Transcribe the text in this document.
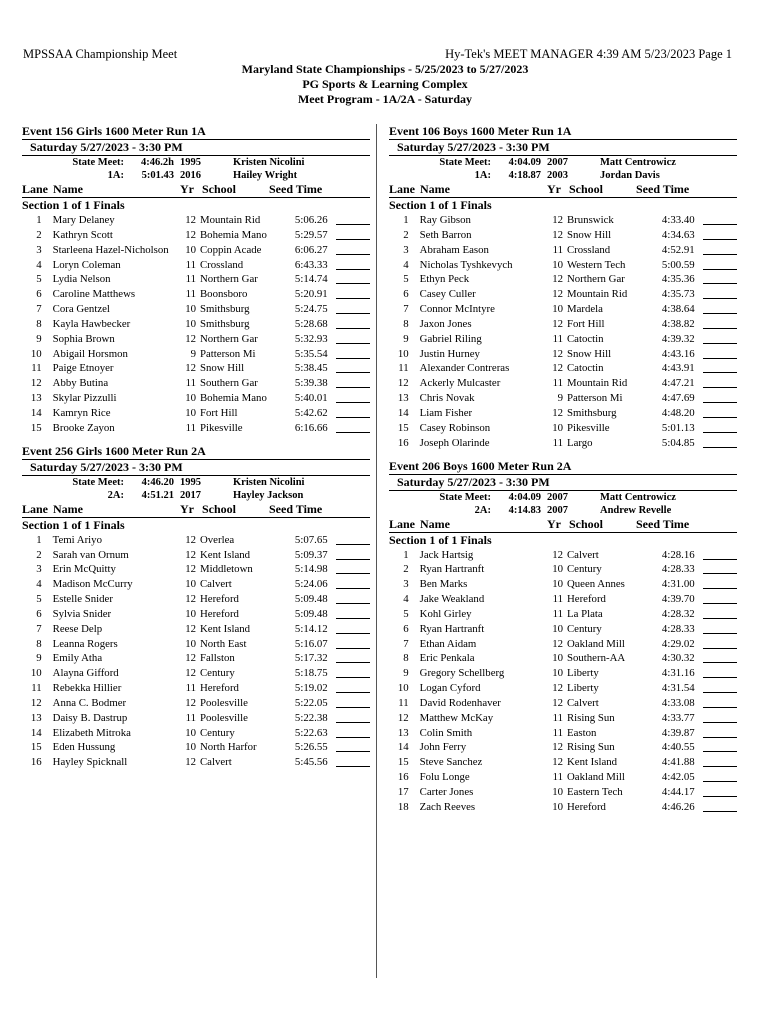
MPSSAA Championship Meet	Hy-Tek's MEET MANAGER 4:39 AM 5/23/2023 Page 1
Maryland State Championships - 5/25/2023 to 5/27/2023
PG Sports & Learning Complex
Meet Program - 1A/2A - Saturday
Event 156 Girls 1600 Meter Run 1A
Saturday 5/27/2023 - 3:30 PM
State Meet:	4:46.2h 1995	Kristen Nicolini
1A:	5:01.43 2016	Hailey Wright
Lane Name	Yr School	Seed Time
Section 1 of 1 Finals
1	Mary Delaney	12 Mountain Rid	5:06.26
2	Kathryn Scott	12 Bohemia Mano	5:29.57
3	Starleena Hazel-Nicholson	10 Coppin Acade	6:06.27
4	Loryn Coleman	11 Crossland	6:43.33
5	Lydia Nelson	11 Northern Gar	5:14.74
6	Caroline Matthews	11 Boonsboro	5:20.91
7	Cora Gentzel	10 Smithsburg	5:24.75
8	Kayla Hawbecker	10 Smithsburg	5:28.68
9	Sophia Brown	12 Northern Gar	5:32.93
10	Abigail Horsmon	9 Patterson Mi	5:35.54
11	Paige Etnoyer	12 Snow Hill	5:38.45
12	Abby Butina	11 Southern Gar	5:39.38
13	Skylar Pizzulli	10 Bohemia Mano	5:40.01
14	Kamryn Rice	10 Fort Hill	5:42.62
15	Brooke Zayon	11 Pikesville	6:16.66
Event 256 Girls 1600 Meter Run 2A
Saturday 5/27/2023 - 3:30 PM
State Meet:	4:46.20 1995	Kristen Nicolini
2A:	4:51.21 2017	Hayley Jackson
Lane Name	Yr School	Seed Time
Section 1 of 1 Finals
1	Temi Ariyo	12 Overlea	5:07.65
2	Sarah van Ornum	12 Kent Island	5:09.37
3	Erin McQuitty	12 Middletown	5:14.98
4	Madison McCurry	10 Calvert	5:24.06
5	Estelle Snider	12 Hereford	5:09.48
6	Sylvia Snider	10 Hereford	5:09.48
7	Reese Delp	12 Kent Island	5:14.12
8	Leanna Rogers	10 North East	5:16.07
9	Emily Atha	12 Fallston	5:17.32
10	Alayna Gifford	12 Century	5:18.75
11	Rebekka Hillier	11 Hereford	5:19.02
12	Anna C. Bodmer	12 Poolesville	5:22.05
13	Daisy B. Dastrup	11 Poolesville	5:22.38
14	Elizabeth Mitroka	10 Century	5:22.63
15	Eden Hussung	10 North Harfor	5:26.55
16	Hayley Spicknall	12 Calvert	5:45.56
Event 106 Boys 1600 Meter Run 1A
Saturday 5/27/2023 - 3:30 PM
State Meet:	4:04.09 2007	Matt Centrowicz
1A:	4:18.87 2003	Jordan Davis
Lane Name	Yr School	Seed Time
Section 1 of 1 Finals
1	Ray Gibson	12 Brunswick	4:33.40
2	Seth Barron	12 Snow Hill	4:34.63
3	Abraham Eason	11 Crossland	4:52.91
4	Nicholas Tyshkevych	10 Western Tech	5:00.59
5	Ethyn Peck	12 Northern Gar	4:35.36
6	Casey Culler	12 Mountain Rid	4:35.73
7	Connor McIntyre	10 Mardela	4:38.64
8	Jaxon Jones	12 Fort Hill	4:38.82
9	Gabriel Riling	11 Catoctin	4:39.32
10	Justin Hurney	12 Snow Hill	4:43.16
11	Alexander Contreras	12 Catoctin	4:43.91
12	Ackerly Mulcaster	11 Mountain Rid	4:47.21
13	Chris Novak	9 Patterson Mi	4:47.69
14	Liam Fisher	12 Smithsburg	4:48.20
15	Casey Robinson	10 Pikesville	5:01.13
16	Joseph Olarinde	11 Largo	5:04.85
Event 206 Boys 1600 Meter Run 2A
Saturday 5/27/2023 - 3:30 PM
State Meet:	4:04.09 2007	Matt Centrowicz
2A:	4:14.83 2007	Andrew Revelle
Lane Name	Yr School	Seed Time
Section 1 of 1 Finals
1	Jack Hartsig	12 Calvert	4:28.16
2	Ryan Hartranft	10 Century	4:28.33
3	Ben Marks	10 Queen Annes	4:31.00
4	Jake Weakland	11 Hereford	4:39.70
5	Kohl Girley	11 La Plata	4:28.32
6	Ryan Hartranft	10 Century	4:28.33
7	Ethan Aidam	12 Oakland Mill	4:29.02
8	Eric Penkala	10 Southern-AA	4:30.32
9	Gregory Schellberg	10 Liberty	4:31.16
10	Logan Cyford	12 Liberty	4:31.54
11	David Rodenhaver	12 Calvert	4:33.08
12	Matthew McKay	11 Rising Sun	4:33.77
13	Colin Smith	11 Easton	4:39.87
14	John Ferry	12 Rising Sun	4:40.55
15	Steve Sanchez	12 Kent Island	4:41.88
16	Folu Longe	11 Oakland Mill	4:42.05
17	Carter Jones	10 Eastern Tech	4:44.17
18	Zach Reeves	10 Hereford	4:46.26
